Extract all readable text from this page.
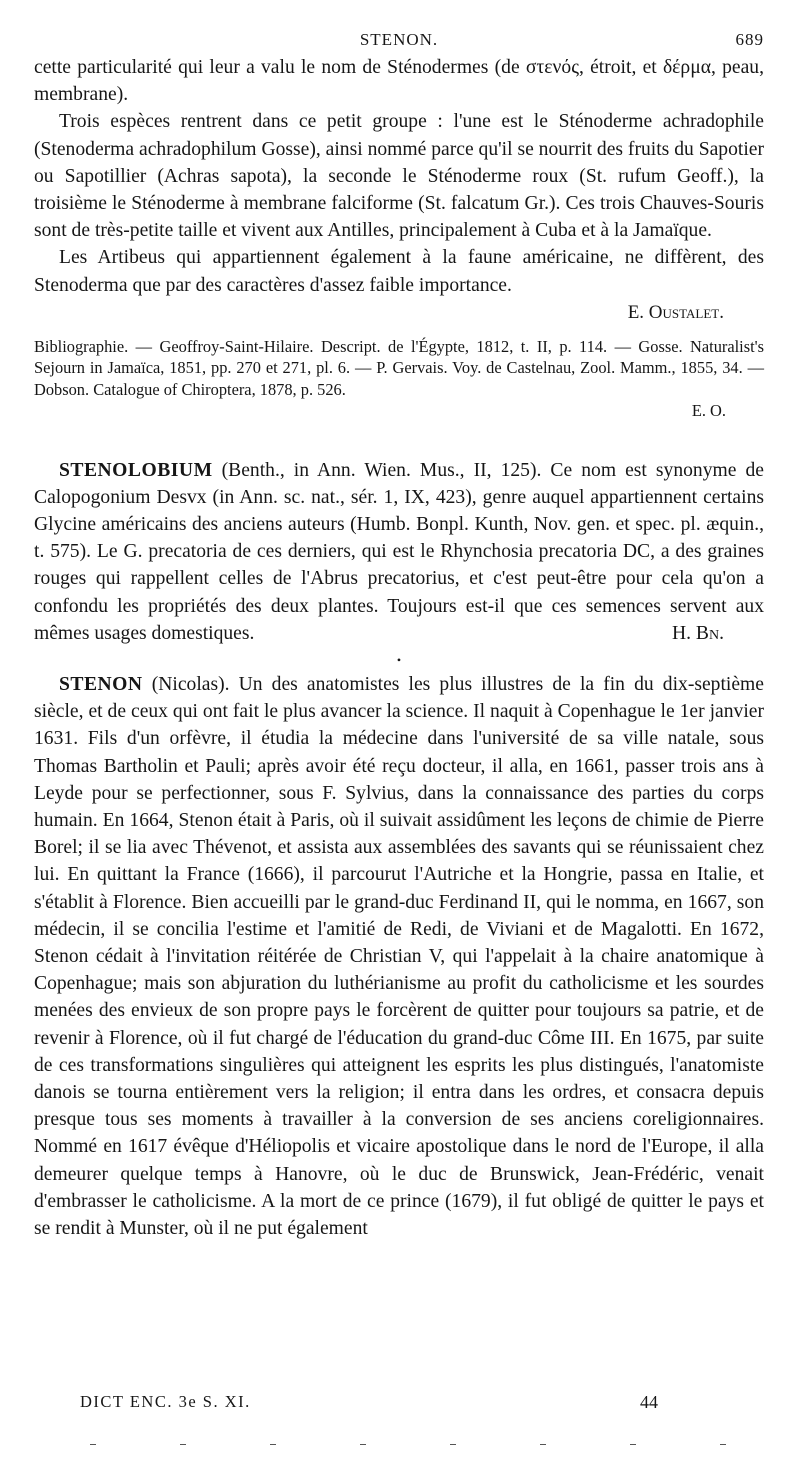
STENON.	689

cette particularité qui leur a valu le nom de Sténodermes (de στενός, étroit, et δέρμα, peau, membrane).

Trois espèces rentrent dans ce petit groupe : l'une est le Sténoderme achradophile (Stenoderma achradophilum Gosse), ainsi nommé parce qu'il se nourrit des fruits du Sapotier ou Sapotillier (Achras sapota), la seconde le Sténoderme roux (St. rufum Geoff.), la troisième le Sténoderme à membrane falciforme (St. falcatum Gr.). Ces trois Chauves-Souris sont de très-petite taille et vivent aux Antilles, principalement à Cuba et à la Jamaïque.

Les Artibeus qui appartiennent également à la faune américaine, ne diffèrent, des Stenoderma que par des caractères d'assez faible importance.

E. Oustalet.

Bibliographie. — Geoffroy-Saint-Hilaire. Descript. de l'Égypte, 1812, t. II, p. 114. — Gosse. Naturalist's Sejourn in Jamaïca, 1851, pp. 270 et 271, pl. 6. — P. Gervais. Voy. de Castelnau, Zool. Mamm., 1855, 34. — Dobson. Catalogue of Chiroptera, 1878, p. 526.

E. O.

STENOLOBIUM (Benth., in Ann. Wien. Mus., II, 125). Ce nom est synonyme de Calopogonium Desvx (in Ann. sc. nat., sér. 1, IX, 423), genre auquel appartiennent certains Glycine américains des anciens auteurs (Humb. Bonpl. Kunth, Nov. gen. et spec. pl. æquin., t. 575). Le G. precatoria de ces derniers, qui est le Rhynchosia precatoria DC, a des graines rouges qui rappellent celles de l'Abrus precatorius, et c'est peut-être pour cela qu'on a confondu les propriétés des deux plantes. Toujours est-il que ces semences servent aux mêmes usages domestiques.	H. Bn.

•

STENON (Nicolas). Un des anatomistes les plus illustres de la fin du dix-septième siècle, et de ceux qui ont fait le plus avancer la science. Il naquit à Copenhague le 1er janvier 1631. Fils d'un orfèvre, il étudia la médecine dans l'université de sa ville natale, sous Thomas Bartholin et Pauli; après avoir été reçu docteur, il alla, en 1661, passer trois ans à Leyde pour se perfectionner, sous F. Sylvius, dans la connaissance des parties du corps humain. En 1664, Stenon était à Paris, où il suivait assidûment les leçons de chimie de Pierre Borel; il se lia avec Thévenot, et assista aux assemblées des savants qui se réunissaient chez lui. En quittant la France (1666), il parcourut l'Autriche et la Hongrie, passa en Italie, et s'établit à Florence. Bien accueilli par le grand-duc Ferdinand II, qui le nomma, en 1667, son médecin, il se concilia l'estime et l'amitié de Redi, de Viviani et de Magalotti. En 1672, Stenon cédait à l'invitation réitérée de Christian V, qui l'appelait à la chaire anatomique à Copenhague; mais son abjuration du luthérianisme au profit du catholicisme et les sourdes menées des envieux de son propre pays le forcèrent de quitter pour toujours sa patrie, et de revenir à Florence, où il fut chargé de l'éducation du grand-duc Côme III. En 1675, par suite de ces transformations singulières qui atteignent les esprits les plus distingués, l'anatomiste danois se tourna entièrement vers la religion; il entra dans les ordres, et consacra depuis presque tous ses moments à travailler à la conversion de ses anciens coreligionnaires. Nommé en 1617 évêque d'Héliopolis et vicaire apostolique dans le nord de l'Europe, il alla demeurer quelque temps à Hanovre, où le duc de Brunswick, Jean-Frédéric, venait d'embrasser le catholicisme. A la mort de ce prince (1679), il fut obligé de quitter le pays et se rendit à Munster, où il ne put également

DICT ENC. 3e S. XI.	44
